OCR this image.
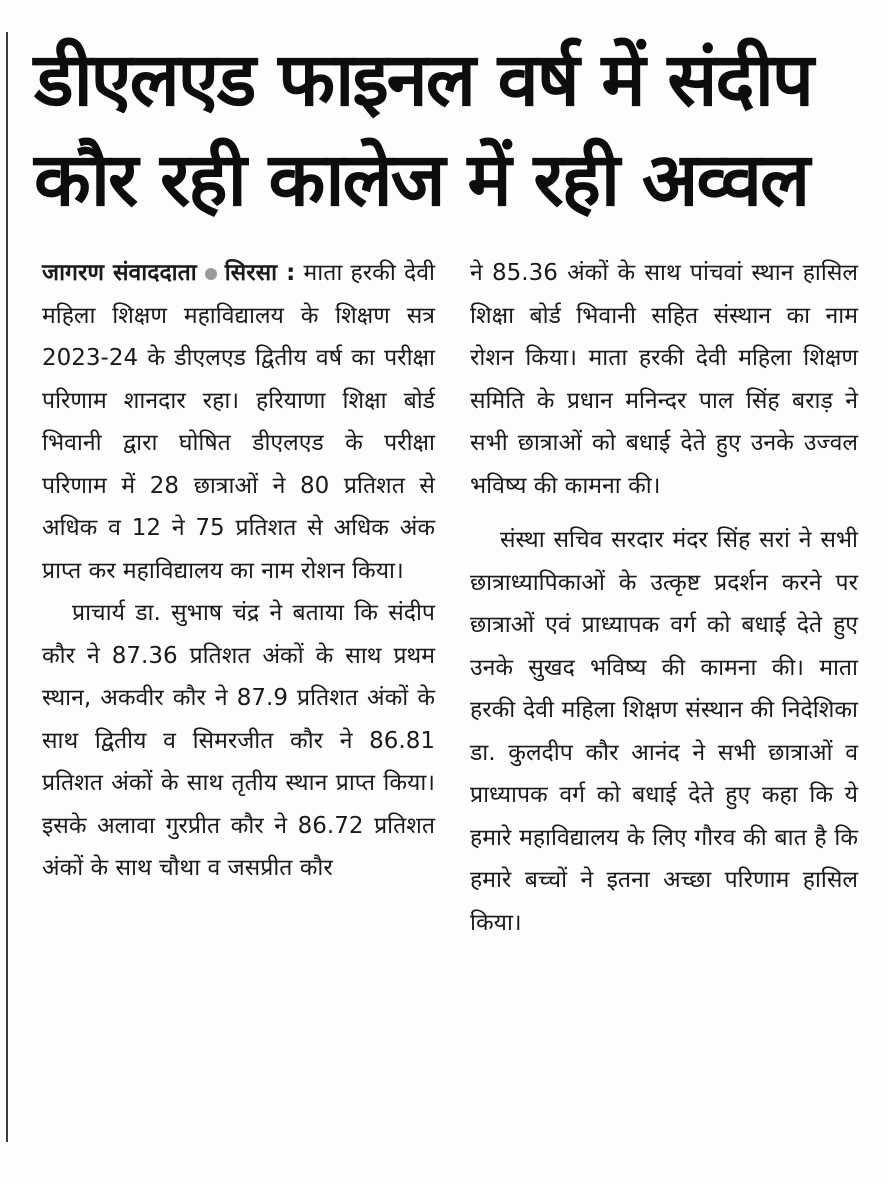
डीएलएड फाइनल वर्ष में संदीप
कौर रही कालेज में रही अव्वल

जागरण संवाददाता सिरसा : माता हरकी देवी महिला शिक्षण महाविद्यालय के शिक्षण सत्र 2023-24 के डीएलएड द्वितीय वर्ष का परीक्षा परिणाम शानदार रहा। हरियाणा शिक्षा बोर्ड भिवानी द्वारा घोषित डीएलएड के परीक्षा परिणाम में 28 छात्राओं ने 80 प्रतिशत से अधिक व 12 ने 75 प्रतिशत से अधिक अंक प्राप्त कर महाविद्यालय का नाम रोशन किया।

प्राचार्य डा. सुभाष चंद्र ने बताया कि संदीप कौर ने 87.36 प्रतिशत अंकों के साथ प्रथम स्थान, अकवीर कौर ने 87.9 प्रतिशत अंकों के साथ द्वितीय व सिमरजीत कौर ने 86.81 प्रतिशत अंकों के साथ तृतीय स्थान प्राप्त किया। इसके अलावा गुरप्रीत कौर ने 86.72 प्रतिशत अंकों के साथ चौथा व जसप्रीत कौर

ने 85.36 अंकों के साथ पांचवां स्थान हासिल शिक्षा बोर्ड भिवानी सहित संस्थान का नाम रोशन किया। माता हरकी देवी महिला शिक्षण समिति के प्रधान मनिन्दर पाल सिंह बराड़ ने सभी छात्राओं को बधाई देते हुए उनके उज्वल भविष्य की कामना की।

संस्था सचिव सरदार मंदर सिंह सरां ने सभी छात्राध्यापिकाओं के उत्कृष्ट प्रदर्शन करने पर छात्राओं एवं प्राध्यापक वर्ग को बधाई देते हुए उनके सुखद भविष्य की कामना की। माता हरकी देवी महिला शिक्षण संस्थान की निदेशिका डा. कुलदीप कौर आनंद ने सभी छात्राओं व प्राध्यापक वर्ग को बधाई देते हुए कहा कि ये हमारे महाविद्यालय के लिए गौरव की बात है कि हमारे बच्चों ने इतना अच्छा परिणाम हासिल किया।
